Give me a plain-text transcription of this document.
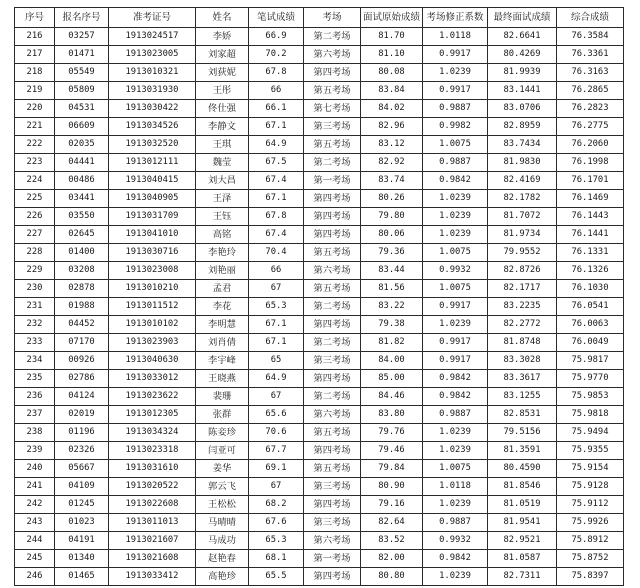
序号	报名序号	准考证号	姓名	笔试成绩	考场	面试原始成绩	考场修正系数	最终面试成绩	综合成绩
216	03257	1913024517	李娇	66.9	第二考场	81.70	1.0118	82.6641	76.3584
217	01471	1913023005	刘家超	70.2	第六考场	81.10	0.9917	80.4269	76.3361
218	05549	1913010321	刘荻妮	67.8	第四考场	80.08	1.0239	81.9939	76.3163
219	05809	1913031930	王彤	66	第五考场	83.84	0.9917	83.1441	76.2865
220	04531	1913030422	佟仕强	66.1	第七考场	84.02	0.9887	83.0706	76.2823
221	06609	1913034526	李静文	67.1	第三考场	82.96	0.9982	82.8959	76.2775
222	02035	1913032520	王琪	64.9	第五考场	83.12	1.0075	83.7434	76.2060
223	04441	1913012111	魏莹	67.5	第二考场	82.92	0.9887	81.9830	76.1998
224	00486	1913040415	刘大昌	67.4	第一考场	83.74	0.9842	82.4169	76.1701
225	03441	1913040905	王泽	67.1	第四考场	80.26	1.0239	82.1782	76.1469
226	03550	1913031709	王钰	67.8	第四考场	79.80	1.0239	81.7072	76.1443
227	02645	1913041010	高铭	67.4	第四考场	80.06	1.0239	81.9734	76.1441
228	01400	1913030716	李艳玲	70.4	第五考场	79.36	1.0075	79.9552	76.1331
229	03208	1913023008	刘艳丽	66	第六考场	83.44	0.9932	82.8726	76.1326
230	02878	1913010210	孟君	67	第五考场	81.56	1.0075	82.1717	76.1030
231	01988	1913011512	李花	65.3	第二考场	83.22	0.9917	83.2235	76.0541
232	04452	1913010102	李明慧	67.1	第四考场	79.38	1.0239	82.2772	76.0063
233	07170	1913023903	刘肖倩	67.1	第二考场	81.82	0.9917	81.8748	76.0049
234	00926	1913040630	李宇峰	65	第三考场	84.00	0.9917	83.3028	75.9817
235	02786	1913033012	王晓燕	64.9	第四考场	85.00	0.9842	83.3617	75.9770
236	04124	1913023622	裴珊	67	第二考场	84.46	0.9842	83.1255	75.9853
237	02019	1913012305	张群	65.6	第六考场	83.80	0.9887	82.8531	75.9818
238	01196	1913034324	陈妾珍	70.6	第五考场	79.76	1.0239	79.5156	75.9494
239	02326	1913023318	闫亚可	67.7	第四考场	79.46	1.0239	81.3591	75.9355
240	05667	1913031610	姜华	69.1	第五考场	79.84	1.0075	80.4590	75.9154
241	04109	1913020522	郭云飞	67	第三考场	80.90	1.0118	81.8546	75.9128
242	01245	1913022608	王松松	68.2	第四考场	79.16	1.0239	81.0519	75.9112
243	01023	1913011013	马晴晴	67.6	第三考场	82.64	0.9887	81.9541	75.9926
244	04191	1913021607	马成功	65.3	第六考场	83.52	0.9932	82.9521	75.8912
245	01340	1913021608	赵艳春	68.1	第一考场	82.00	0.9842	81.0587	75.8752
246	01465	1913033412	高艳珍	65.5	第四考场	80.80	1.0239	82.7311	75.8397
